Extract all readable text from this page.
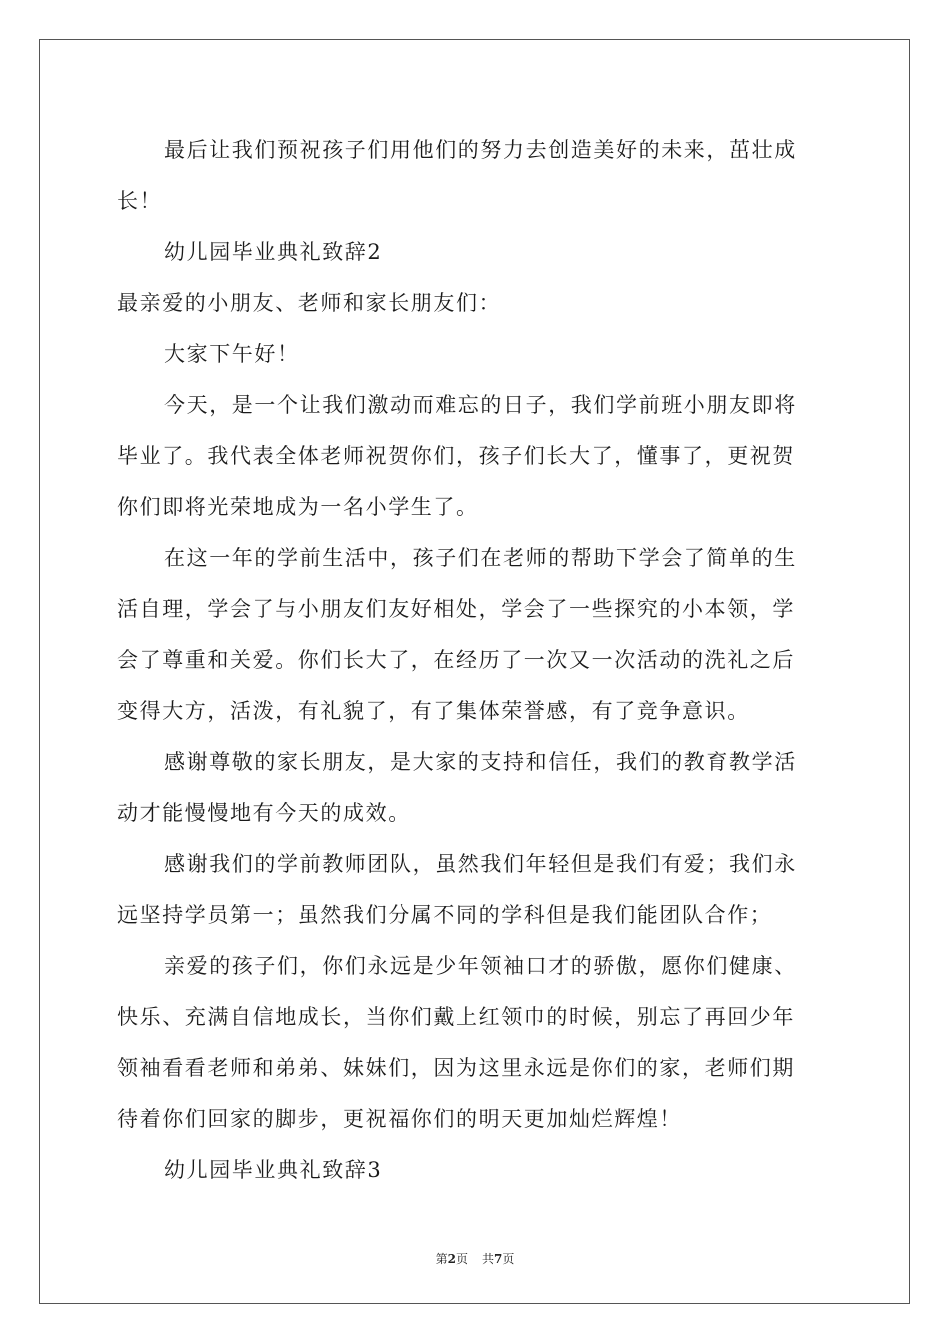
最后让我们预祝孩子们用他们的努力去创造美好的未来，茁壮成
长！
幼儿园毕业典礼致辞2
最亲爱的小朋友、老师和家长朋友们：
大家下午好！
今天，是一个让我们激动而难忘的日子，我们学前班小朋友即将
毕业了。我代表全体老师祝贺你们，孩子们长大了，懂事了，更祝贺
你们即将光荣地成为一名小学生了。
在这一年的学前生活中，孩子们在老师的帮助下学会了简单的生
活自理，学会了与小朋友们友好相处，学会了一些探究的小本领，学
会了尊重和关爱。你们长大了，在经历了一次又一次活动的洗礼之后
变得大方，活泼，有礼貌了，有了集体荣誉感，有了竞争意识。
感谢尊敬的家长朋友，是大家的支持和信任，我们的教育教学活
动才能慢慢地有今天的成效。
感谢我们的学前教师团队，虽然我们年轻但是我们有爱；我们永
远坚持学员第一；虽然我们分属不同的学科但是我们能团队合作；
亲爱的孩子们，你们永远是少年领袖口才的骄傲，愿你们健康、
快乐、充满自信地成长，当你们戴上红领巾的时候，别忘了再回少年
领袖看看老师和弟弟、妹妹们，因为这里永远是你们的家，老师们期
待着你们回家的脚步，更祝福你们的明天更加灿烂辉煌！
幼儿园毕业典礼致辞3
第2页 共7页
